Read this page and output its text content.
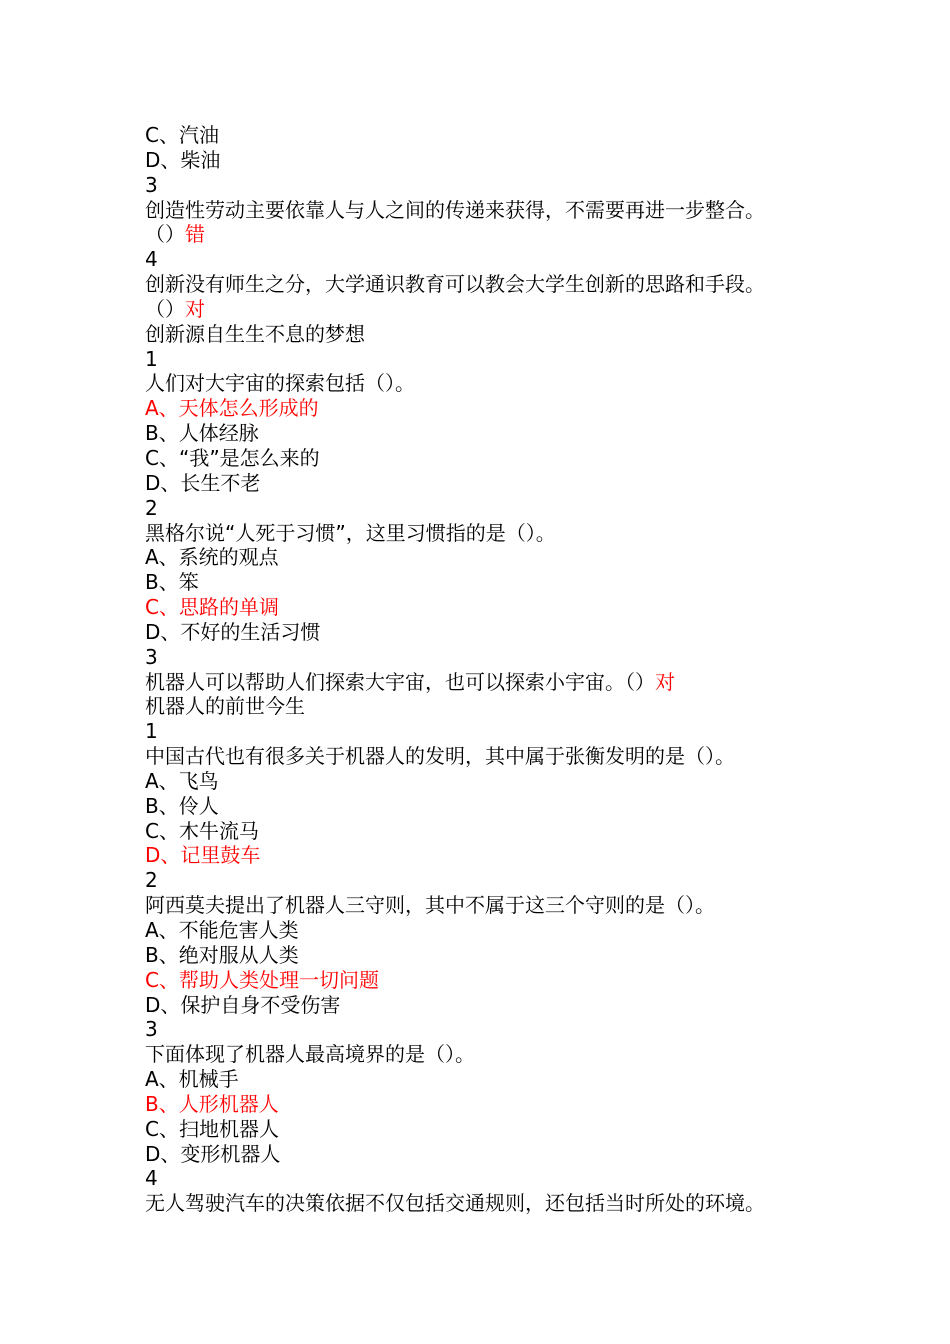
C、汽油
D、柴油
3
创造性劳动主要依靠人与人之间的传递来获得，不需要再进一步整合。
（）错
4
创新没有师生之分，大学通识教育可以教会大学生创新的思路和手段。
（）对
创新源自生生不息的梦想
1
人们对大宇宙的探索包括（）。
A、天体怎么形成的
B、人体经脉
C、“我”是怎么来的
D、长生不老
2
黑格尔说“人死于习惯”，这里习惯指的是（）。
A、系统的观点
B、笨
C、思路的单调
D、不好的生活习惯
3
机器人可以帮助人们探索大宇宙，也可以探索小宇宙。（）对
机器人的前世今生
1
中国古代也有很多关于机器人的发明，其中属于张衡发明的是（）。
A、飞鸟
B、伶人
C、木牛流马
D、记里鼓车
2
阿西莫夫提出了机器人三守则，其中不属于这三个守则的是（）。
A、不能危害人类
B、绝对服从人类
C、帮助人类处理一切问题
D、保护自身不受伤害
3
下面体现了机器人最高境界的是（）。
A、机械手
B、人形机器人
C、扫地机器人
D、变形机器人
4
无人驾驶汽车的决策依据不仅包括交通规则，还包括当时所处的环境。
